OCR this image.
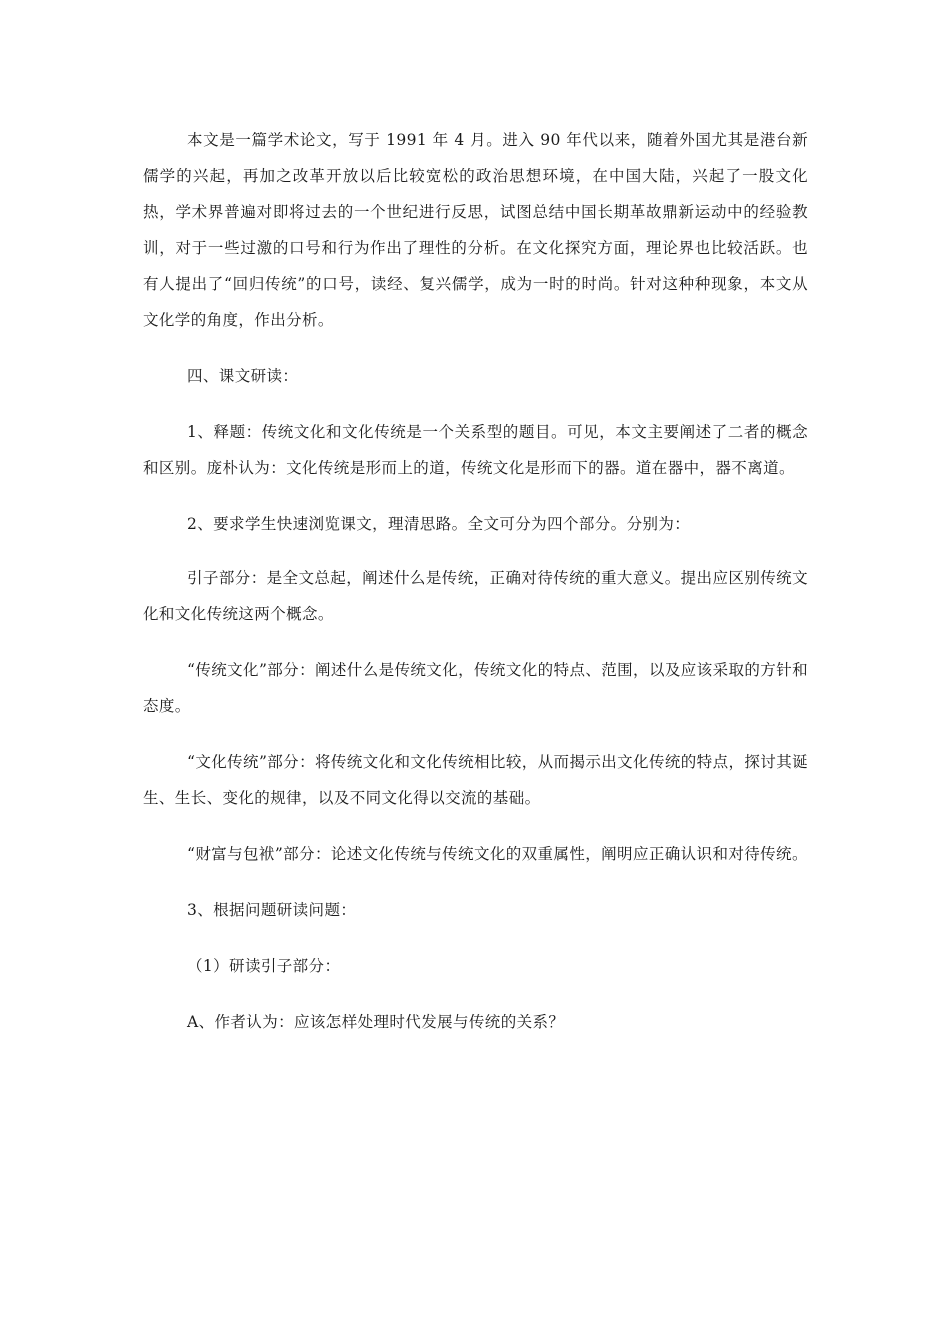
本文是一篇学术论文，写于 1991 年 4 月。进入 90 年代以来，随着外国尤其是港台新儒学的兴起，再加之改革开放以后比较宽松的政治思想环境，在中国大陆，兴起了一股文化热，学术界普遍对即将过去的一个世纪进行反思，试图总结中国长期革故鼎新运动中的经验教训，对于一些过激的口号和行为作出了理性的分析。在文化探究方面，理论界也比较活跃。也有人提出了“回归传统”的口号，读经、复兴儒学，成为一时的时尚。针对这种种现象，本文从文化学的角度，作出分析。

四、课文研读：

1、释题：传统文化和文化传统是一个关系型的题目。可见，本文主要阐述了二者的概念和区别。庞朴认为：文化传统是形而上的道，传统文化是形而下的器。道在器中，器不离道。

2、要求学生快速浏览课文，理清思路。全文可分为四个部分。分别为：

引子部分：是全文总起，阐述什么是传统，正确对待传统的重大意义。提出应区别传统文化和文化传统这两个概念。

“传统文化”部分：阐述什么是传统文化，传统文化的特点、范围，以及应该采取的方针和态度。

“文化传统”部分：将传统文化和文化传统相比较，从而揭示出文化传统的特点，探讨其诞生、生长、变化的规律，以及不同文化得以交流的基础。

“财富与包袱”部分：论述文化传统与传统文化的双重属性，阐明应正确认识和对待传统。

3、根据问题研读问题：

（1）研读引子部分：

A、作者认为：应该怎样处理时代发展与传统的关系？
